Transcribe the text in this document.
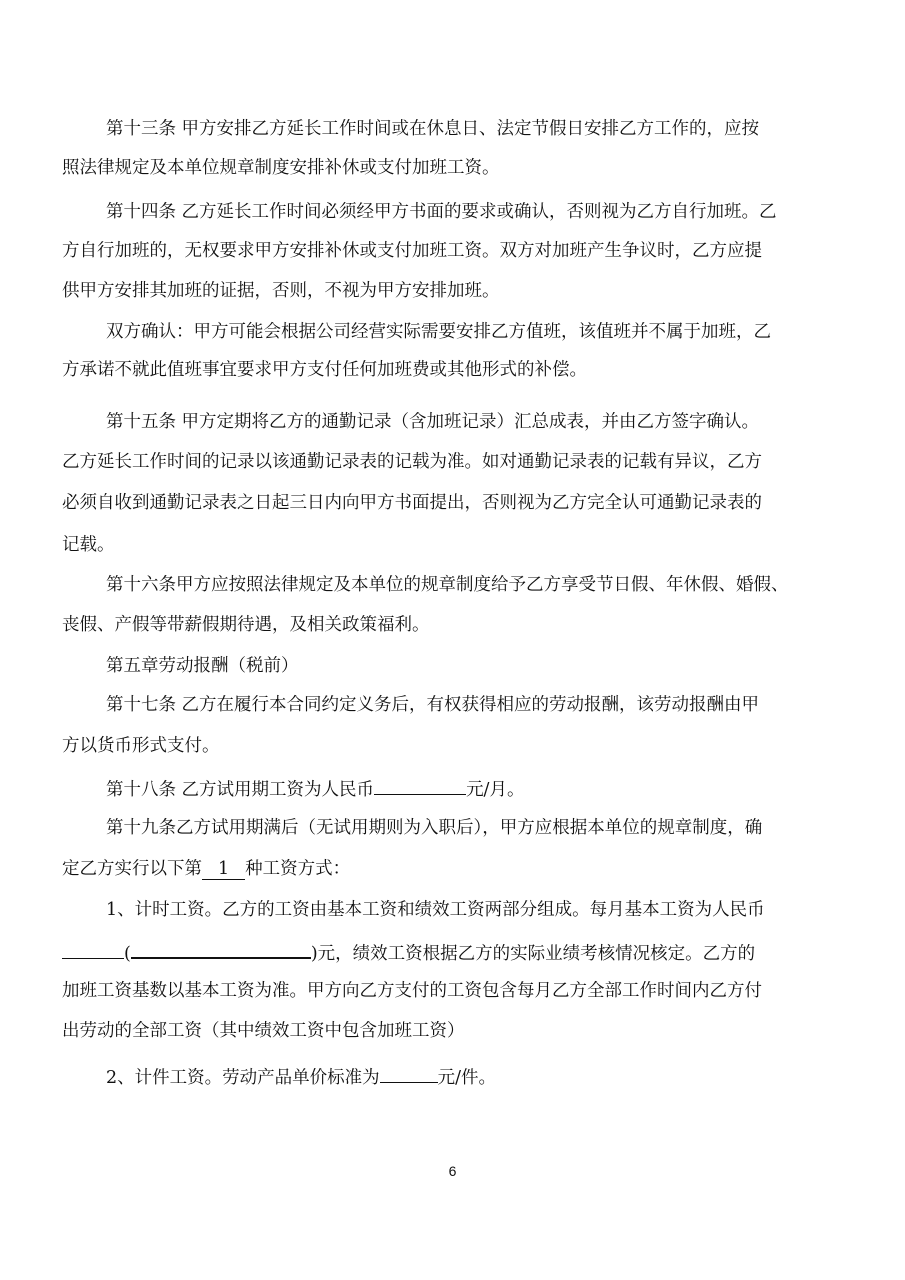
第十三条 甲方安排乙方延长工作时间或在休息日、法定节假日安排乙方工作的，应按
照法律规定及本单位规章制度安排补休或支付加班工资。
第十四条 乙方延长工作时间必须经甲方书面的要求或确认，否则视为乙方自行加班。乙
方自行加班的，无权要求甲方安排补休或支付加班工资。双方对加班产生争议时，乙方应提
供甲方安排其加班的证据，否则，不视为甲方安排加班。
双方确认：甲方可能会根据公司经营实际需要安排乙方值班，该值班并不属于加班，乙
方承诺不就此值班事宜要求甲方支付任何加班费或其他形式的补偿。
第十五条 甲方定期将乙方的通勤记录（含加班记录）汇总成表，并由乙方签字确认。
乙方延长工作时间的记录以该通勤记录表的记载为准。如对通勤记录表的记载有异议，乙方
必须自收到通勤记录表之日起三日内向甲方书面提出，否则视为乙方完全认可通勤记录表的
记载。
第十六条甲方应按照法律规定及本单位的规章制度给予乙方享受节日假、年休假、婚假、
丧假、产假等带薪假期待遇，及相关政策福利。
第五章劳动报酬（税前）
第十七条 乙方在履行本合同约定义务后，有权获得相应的劳动报酬，该劳动报酬由甲
方以货币形式支付。
第十八条 乙方试用期工资为人民币	元/月。
第十九条乙方试用期满后（无试用期则为入职后），甲方应根据本单位的规章制度，确
定乙方实行以下第 1 种工资方式：
1、计时工资。乙方的工资由基本工资和绩效工资两部分组成。每月基本工资为人民币
(	)元，绩效工资根据乙方的实际业绩考核情况核定。乙方的
加班工资基数以基本工资为准。甲方向乙方支付的工资包含每月乙方全部工作时间内乙方付
出劳动的全部工资（其中绩效工资中包含加班工资）
2、计件工资。劳动产品单价标准为	元/件。
6
